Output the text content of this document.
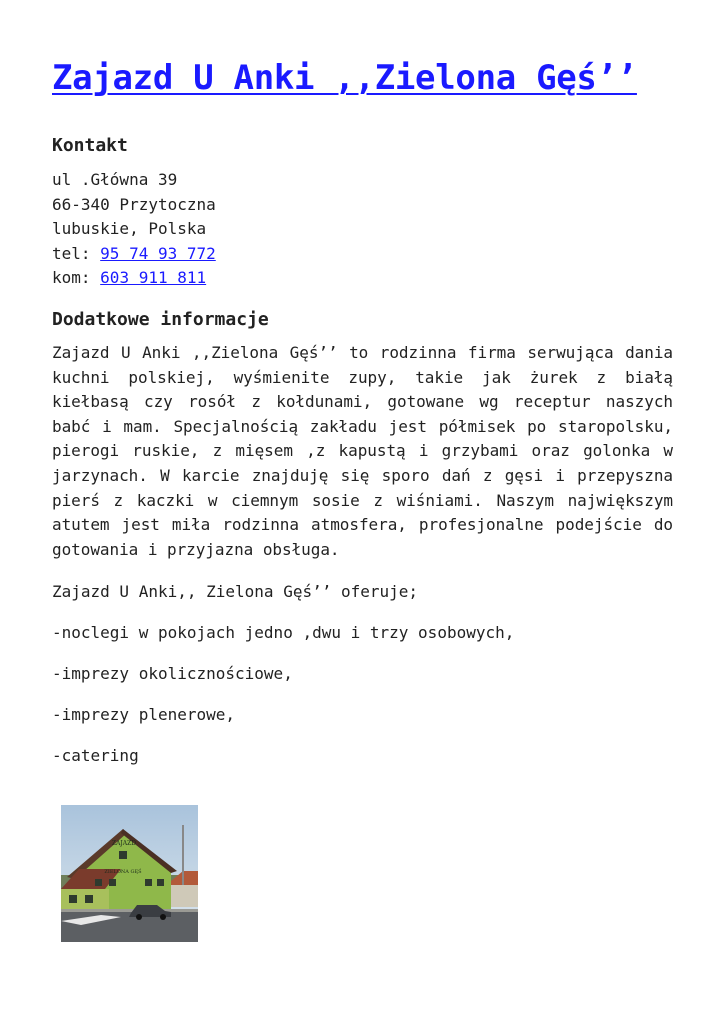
Zajazd U Anki ,,Zielona Gęś’’
Kontakt
ul .Główna 39
66-340 Przytoczna
lubuskie, Polska
tel: 95 74 93 772
kom: 603 911 811
Dodatkowe informacje

Zajazd U Anki ,,Zielona Gęś’’ to rodzinna firma serwująca dania kuchni polskiej, wyśmienite zupy, takie jak żurek z białą kiełbasą czy rosół z kołdunami, gotowane wg receptur naszych babć i mam. Specjalnością zakładu jest półmisek po staropolsku, pierogi ruskie, z mięsem ,z kapustą i grzybami oraz golonka w jarzynach. W karcie znajduję się sporo dań z gęsi i przepyszna pierś z kaczki w ciemnym sosie z wiśniami. Naszym największym atutem jest miła rodzinna atmosfera, profesjonalne podejście do gotowania i przyjazna obsługa.

Zajazd U Anki,, Zielona Gęś’’ oferuje;

-noclegi w pokojach jedno ,dwu i trzy osobowych,

-imprezy okolicznościowe,

-imprezy plenerowe,

-catering

ZAJAZD
ZIELONA GĘŚ
